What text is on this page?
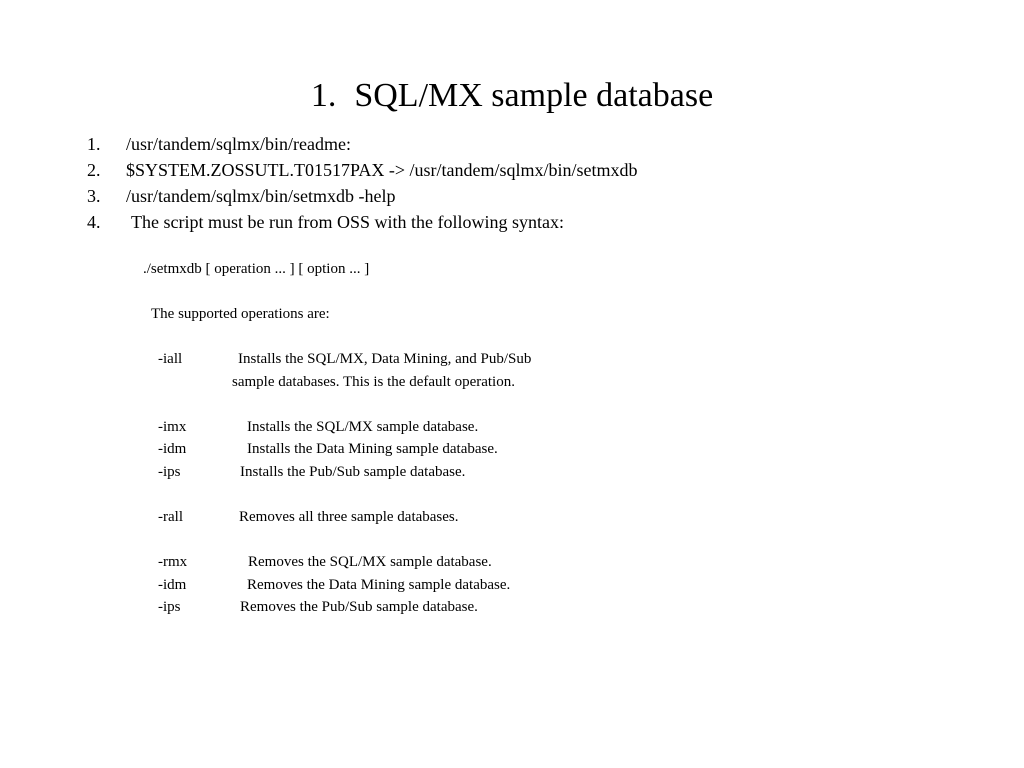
1. SQL/MX sample database
1. /usr/tandem/sqlmx/bin/readme:
2. $SYSTEM.ZOSSUTL.T01517PAX -> /usr/tandem/sqlmx/bin/setmxdb
3. /usr/tandem/sqlmx/bin/setmxdb -help
4. The script must be run from OSS with the following syntax:
./setmxdb [ operation ... ] [ option ... ]
The supported operations are:
-iall	Installs the SQL/MX, Data Mining, and Pub/Sub
sample databases. This is the default operation.
-imx	Installs the SQL/MX sample database.
-idm	Installs the Data Mining sample database.
-ips	Installs the Pub/Sub sample database.
-rall	Removes all three sample databases.
-rmx	Removes the SQL/MX sample database.
-idm	Removes the Data Mining sample database.
-ips	Removes the Pub/Sub sample database.
